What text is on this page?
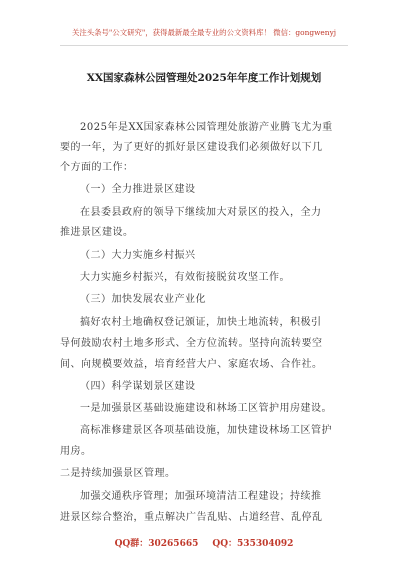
关注头条号"公文研究"，获得最新最全最专业的公文资料库！ 微信：gongwenyj
XX国家森林公园管理处2025年年度工作计划规划
2025年是XX国家森林公园管理处旅游产业腾飞尤为重
要的一年，为了更好的抓好景区建设我们必须做好以下几
个方面的工作：
（一）全力推进景区建设
在县委县政府的领导下继续加大对景区的投入，全力
推进景区建设。
（二）大力实施乡村振兴
大力实施乡村振兴，有效衔接脱贫攻坚工作。
（三）加快发展农业产业化
搞好农村土地确权登记颁证，加快土地流转，积极引
导何鼓励农村土地多形式、全方位流转。坚持向流转要空
间、向规模要效益，培育经营大户、家庭农场、合作社。
（四）科学谋划景区建设
一是加强景区基础设施建设和林场工区管护用房建设。
高标准修建景区各项基础设施，加快建设林场工区管护
用房。
二是持续加强景区管理。
加强交通秩序管理；加强环境清洁工程建设；持续推
进景区综合整治，重点解决广告乱贴、占道经营、乱停乱
QQ群：30265665 QQ：535304092
